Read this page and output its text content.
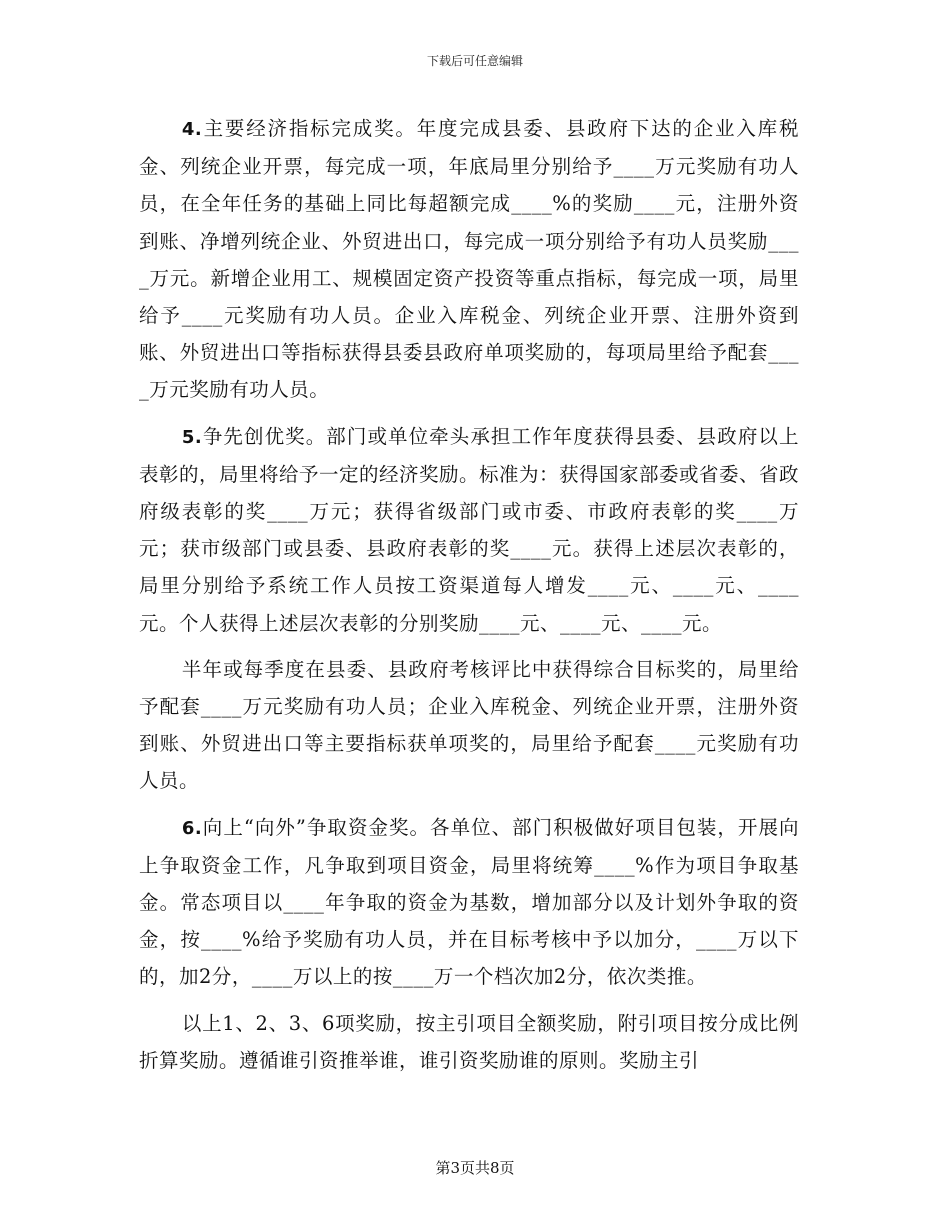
下载后可任意编辑

4.主要经济指标完成奖。年度完成县委、县政府下达的企业入库税金、列统企业开票，每完成一项，年底局里分别给予____万元奖励有功人员，在全年任务的基础上同比每超额完成____%的奖励____元，注册外资到账、净增列统企业、外贸进出口，每完成一项分别给予有功人员奖励____万元。新增企业用工、规模固定资产投资等重点指标，每完成一项，局里给予____元奖励有功人员。企业入库税金、列统企业开票、注册外资到账、外贸进出口等指标获得县委县政府单项奖励的，每项局里给予配套____万元奖励有功人员。

5.争先创优奖。部门或单位牵头承担工作年度获得县委、县政府以上表彰的，局里将给予一定的经济奖励。标准为：获得国家部委或省委、省政府级表彰的奖____万元；获得省级部门或市委、市政府表彰的奖____万元；获市级部门或县委、县政府表彰的奖____元。获得上述层次表彰的，局里分别给予系统工作人员按工资渠道每人增发____元、____元、____元。个人获得上述层次表彰的分别奖励____元、____元、____元。

半年或每季度在县委、县政府考核评比中获得综合目标奖的，局里给予配套____万元奖励有功人员；企业入库税金、列统企业开票，注册外资到账、外贸进出口等主要指标获单项奖的，局里给予配套____元奖励有功人员。

6.向上“向外”争取资金奖。各单位、部门积极做好项目包装，开展向上争取资金工作，凡争取到项目资金，局里将统筹____%作为项目争取基金。常态项目以____年争取的资金为基数，增加部分以及计划外争取的资金，按____%给予奖励有功人员，并在目标考核中予以加分，____万以下的，加2分，____万以上的按____万一个档次加2分，依次类推。

以上1、2、3、6项奖励，按主引项目全额奖励，附引项目按分成比例折算奖励。遵循谁引资推举谁，谁引资奖励谁的原则。奖励主引

第3页共8页
